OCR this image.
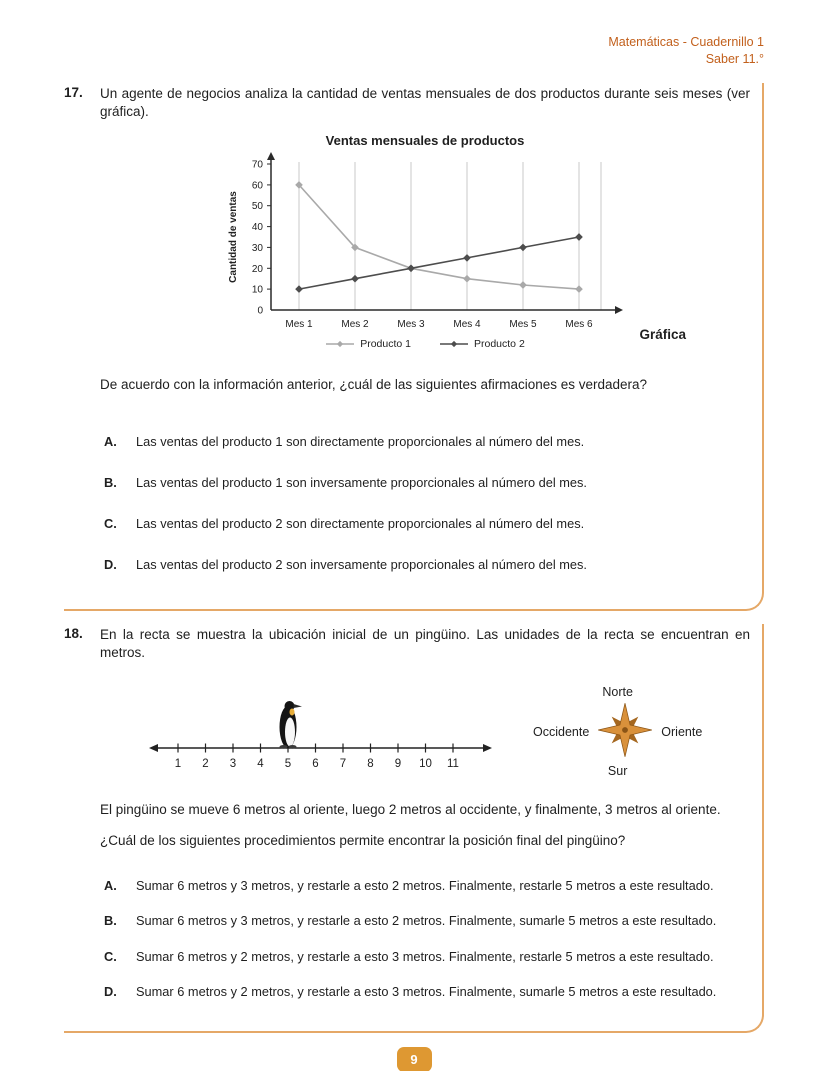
Matemáticas - Cuadernillo 1
Saber 11.°
17. Un agente de negocios analiza la cantidad de ventas mensuales de dos productos durante seis meses (ver gráfica).

Ventas mensuales de productos
0
10
20
30
40
50
60
70
Mes 1	Mes 2	Mes 3	Mes 4	Mes 5	Mes 6
Cantidad de ventas
Producto 1	Producto 2
Gráfica

De acuerdo con la información anterior, ¿cuál de las siguientes afirmaciones es verdadera?

A.	Las ventas del producto 1 son directamente proporcionales al número del mes.
B.	Las ventas del producto 1 son inversamente proporcionales al número del mes.
C.	Las ventas del producto 2 son directamente proporcionales al número del mes.
D.	Las ventas del producto 2 son inversamente proporcionales al número del mes.
18. En la recta se muestra la ubicación inicial de un pingüino. Las unidades de la recta se encuentran en metros.

1 2 3 4 5 6 7 8 9 10 11
Norte
Occidente	Oriente
Sur

El pingüino se mueve 6 metros al oriente, luego 2 metros al occidente, y finalmente, 3 metros al oriente.

¿Cuál de los siguientes procedimientos permite encontrar la posición final del pingüino?

A.	Sumar 6 metros y 3 metros, y restarle a esto 2 metros. Finalmente, restarle 5 metros a este resultado.
B.	Sumar 6 metros y 3 metros, y restarle a esto 2 metros. Finalmente, sumarle 5 metros a este resultado.
C.	Sumar 6 metros y 2 metros, y restarle a esto 3 metros. Finalmente, restarle 5 metros a este resultado.
D.	Sumar 6 metros y 2 metros, y restarle a esto 3 metros. Finalmente, sumarle 5 metros a este resultado.
9
